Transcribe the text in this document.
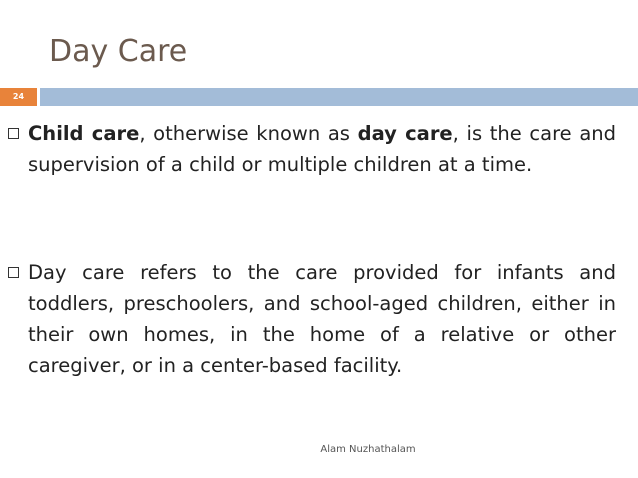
Day Care
24
Child care, otherwise known as day care, is the care and supervision of a child or multiple children at a time.
Day care refers to the care provided for infants and toddlers, preschoolers, and school-aged children, either in their own homes, in the home of a relative or other caregiver, or in a center-based facility.
Alam Nuzhathalam
